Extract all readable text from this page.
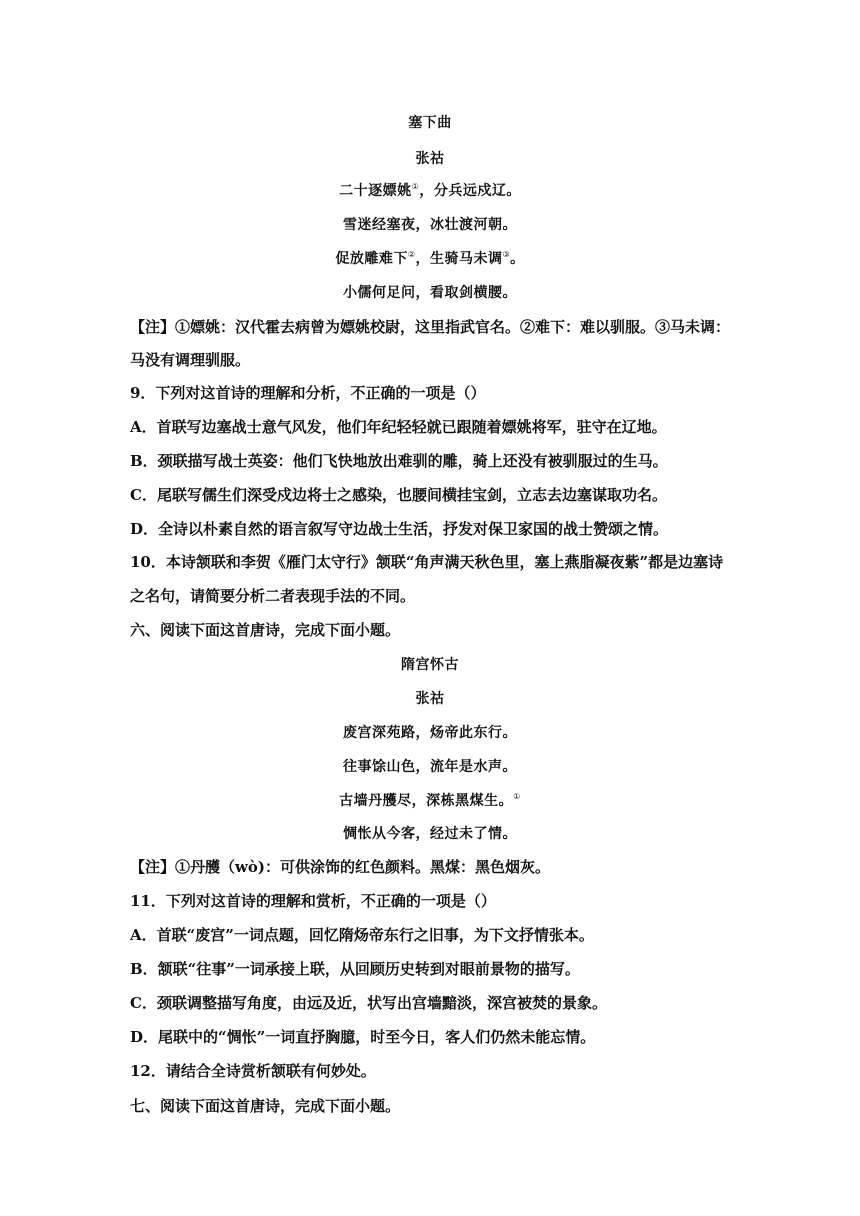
塞下曲
张祜
二十逐嫖姚①，分兵远戍辽。
雪迷经塞夜，冰壮渡河朝。
促放雕难下②，生骑马未调③。
小儒何足问，看取剑横腰。
【注】①嫖姚：汉代霍去病曾为嫖姚校尉，这里指武官名。②难下：难以驯服。③马未调：
马没有调理驯服。
9．下列对这首诗的理解和分析，不正确的一项是（）
A．首联写边塞战士意气风发，他们年纪轻轻就已跟随着嫖姚将军，驻守在辽地。
B．颈联描写战士英姿：他们飞快地放出难驯的雕，骑上还没有被驯服过的生马。
C．尾联写儒生们深受戍边将士之感染，也腰间横挂宝剑，立志去边塞谋取功名。
D．全诗以朴素自然的语言叙写守边战士生活，抒发对保卫家国的战士赞颂之情。
10．本诗颔联和李贺《雁门太守行》颔联“角声满天秋色里，塞上燕脂凝夜紫”都是边塞诗
之名句，请简要分析二者表现手法的不同。
六、阅读下面这首唐诗，完成下面小题。
隋宫怀古
张祜
废宫深苑路，炀帝此东行。
往事馀山色，流年是水声。
古墙丹雘尽，深栋黑煤生。①
惆怅从今客，经过未了情。
【注】①丹雘（wò)：可供涂饰的红色颜料。黑煤：黑色烟灰。
11．下列对这首诗的理解和赏析，不正确的一项是（）
A．首联“废宫”一词点题，回忆隋炀帝东行之旧事，为下文抒情张本。
B．颔联“往事”一词承接上联，从回顾历史转到对眼前景物的描写。
C．颈联调整描写角度，由远及近，状写出宫墙黯淡，深宫被焚的景象。
D．尾联中的“惆怅”一词直抒胸臆，时至今日，客人们仍然未能忘情。
12．请结合全诗赏析颔联有何妙处。
七、阅读下面这首唐诗，完成下面小题。
